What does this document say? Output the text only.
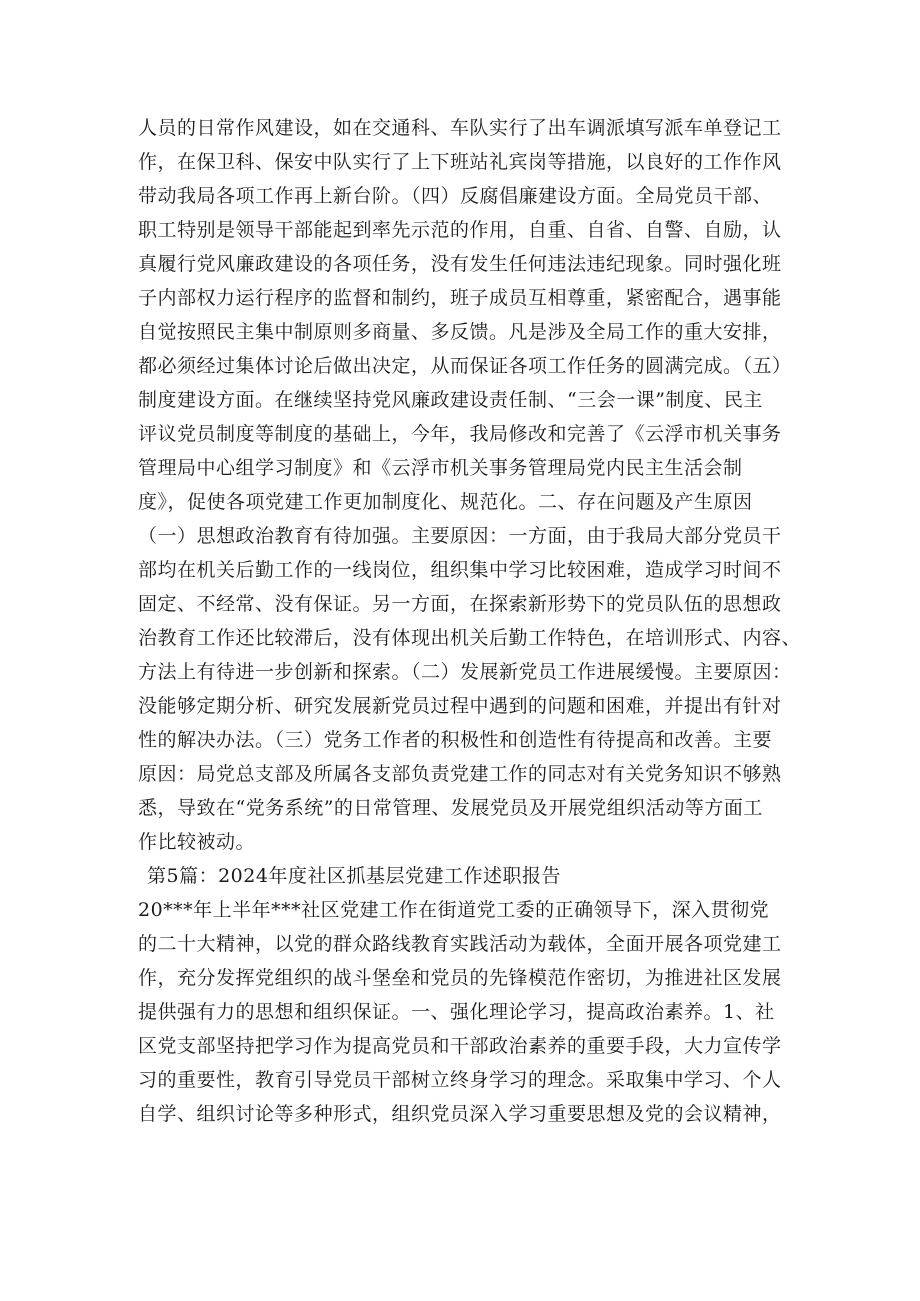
人员的日常作风建设，如在交通科、车队实行了出车调派填写派车单登记工
作，在保卫科、保安中队实行了上下班站礼宾岗等措施，以良好的工作作风
带动我局各项工作再上新台阶。（四）反腐倡廉建设方面。全局党员干部、
职工特别是领导干部能起到率先示范的作用，自重、自省、自警、自励，认
真履行党风廉政建设的各项任务，没有发生任何违法违纪现象。同时强化班
子内部权力运行程序的监督和制约，班子成员互相尊重，紧密配合，遇事能
自觉按照民主集中制原则多商量、多反馈。凡是涉及全局工作的重大安排，
都必须经过集体讨论后做出决定，从而保证各项工作任务的圆满完成。（五）
制度建设方面。在继续坚持党风廉政建设责任制、“三会一课”制度、民主
评议党员制度等制度的基础上，今年，我局修改和完善了《云浮市机关事务
管理局中心组学习制度》和《云浮市机关事务管理局党内民主生活会制
度》，促使各项党建工作更加制度化、规范化。二、存在问题及产生原因
（一）思想政治教育有待加强。主要原因：一方面，由于我局大部分党员干
部均在机关后勤工作的一线岗位，组织集中学习比较困难，造成学习时间不
固定、不经常、没有保证。另一方面，在探索新形势下的党员队伍的思想政
治教育工作还比较滞后，没有体现出机关后勤工作特色，在培训形式、内容、
方法上有待进一步创新和探索。（二）发展新党员工作进展缓慢。主要原因：
没能够定期分析、研究发展新党员过程中遇到的问题和困难，并提出有针对
性的解决办法。（三）党务工作者的积极性和创造性有待提高和改善。主要
原因：局党总支部及所属各支部负责党建工作的同志对有关党务知识不够熟
悉，导致在“党务系统”的日常管理、发展党员及开展党组织活动等方面工
作比较被动。
第5篇：2024年度社区抓基层党建工作述职报告
20***年上半年***社区党建工作在街道党工委的正确领导下，深入贯彻党
的二十大精神，以党的群众路线教育实践活动为载体，全面开展各项党建工
作，充分发挥党组织的战斗堡垒和党员的先锋模范作密切，为推进社区发展
提供强有力的思想和组织保证。一、强化理论学习，提高政治素养。1、社
区党支部坚持把学习作为提高党员和干部政治素养的重要手段，大力宣传学
习的重要性，教育引导党员干部树立终身学习的理念。采取集中学习、个人
自学、组织讨论等多种形式，组织党员深入学习重要思想及党的会议精神，
